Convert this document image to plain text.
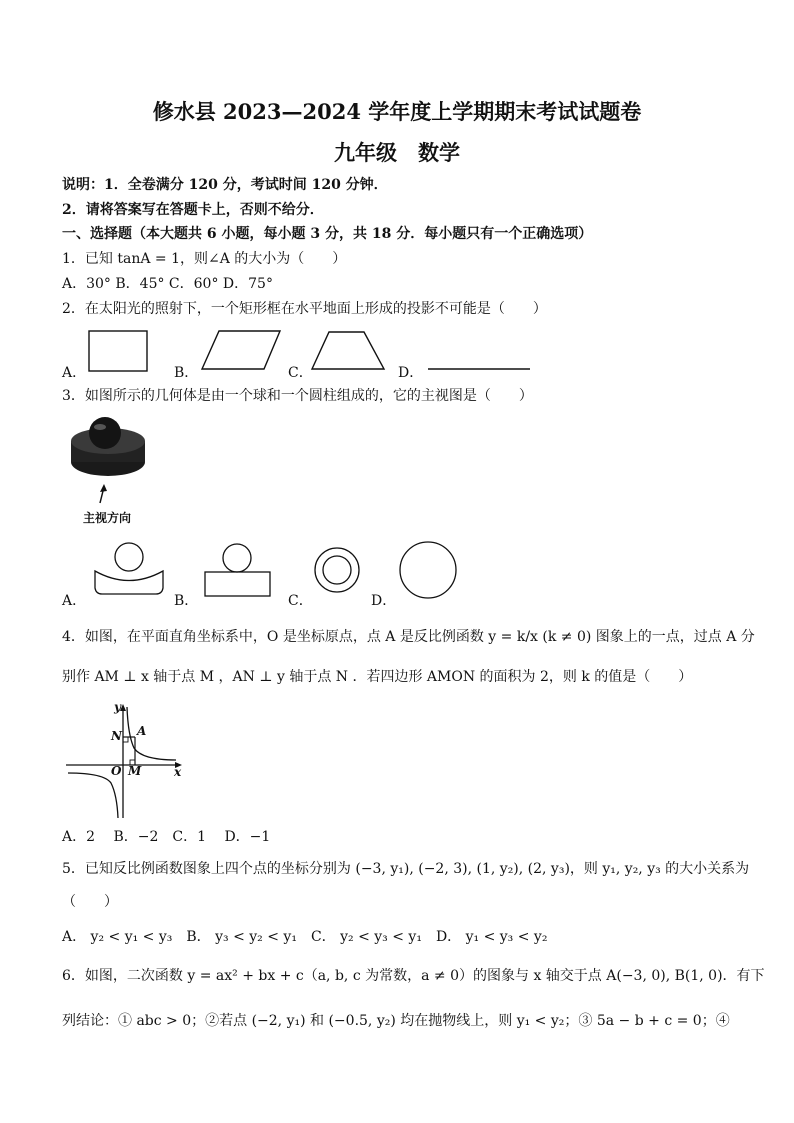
修水县 2023—2024 学年度上学期期末考试试题卷
九年级　数学
说明：1．全卷满分 120 分，考试时间 120 分钟．
2．请将答案写在答题卡上，否则不给分．
一、选择题（本大题共 6 小题，每小题 3 分，共 18 分．每小题只有一个正确选项）
1．已知 tanA = 1，则∠A 的大小为（　　）
A．30° B．45° C．60° D．75°
2．在太阳光的照射下，一个矩形框在水平地面上形成的投影不可能是（　　）
A．	B．	C．	D．
3．如图所示的几何体是由一个球和一个圆柱组成的，它的主视图是（　　）
主视方向
A．	B．	C．	D．
4．如图，在平面直角坐标系中，O 是坐标原点，点 A 是反比例函数 y = k/x (k ≠ 0) 图象上的一点，过点 A 分
别作 AM ⊥ x 轴于点 M ，AN ⊥ y 轴于点 N ．若四边形 AMON 的面积为 2，则 k 的值是（　　）
y
x
N A
O M
A．2　 B．−2　C．1　 D．−1
5．已知反比例函数图象上四个点的坐标分别为 (−3, y₁), (−2, 3), (1, y₂), (2, y₃)，则 y₁, y₂, y₃ 的大小关系为
（　　）
A． y₂ < y₁ < y₃　B． y₃ < y₂ < y₁　C． y₂ < y₃ < y₁　D． y₁ < y₃ < y₂
6．如图，二次函数 y = ax² + bx + c（a, b, c 为常数，a ≠ 0）的图象与 x 轴交于点 A(−3, 0), B(1, 0)．有下
列结论：① abc > 0；②若点 (−2, y₁) 和 (−0.5, y₂) 均在抛物线上，则 y₁ < y₂；③ 5a − b + c = 0；④
